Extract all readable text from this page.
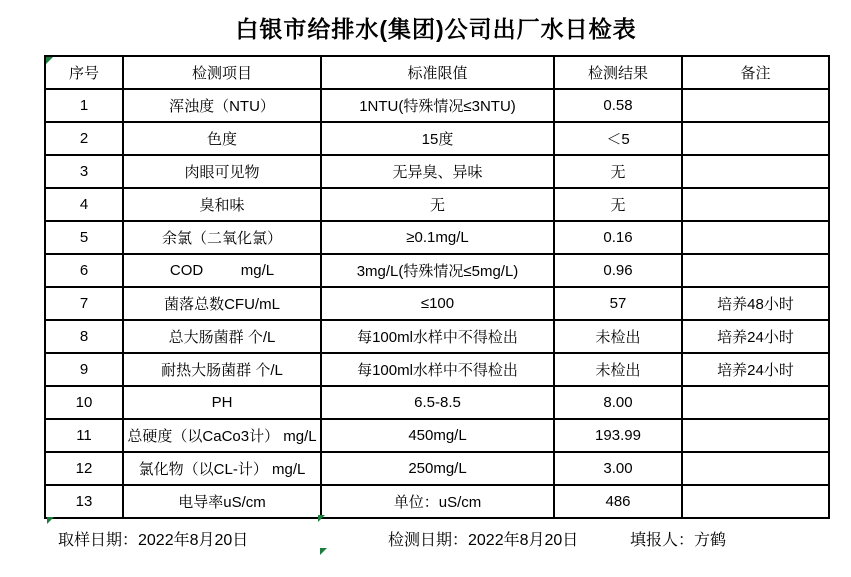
白银市给排水(集团)公司出厂水日检表
序号	检测项目	标准限值	检测结果	备注
1	浑浊度（NTU）	1NTU(特殊情况≤3NTU)	0.58	
2	色度	15度	＜5	
3	肉眼可见物	无异臭、异味	无	
4	臭和味	无	无	
5	余氯（二氧化氯）	≥0.1mg/L	0.16	
6	COD         mg/L	3mg/L(特殊情况≤5mg/L)	0.96	
7	菌落总数CFU/mL	≤100	57	培养48小时
8	总大肠菌群 个/L	每100ml水样中不得检出	未检出	培养24小时
9	耐热大肠菌群 个/L	每100ml水样中不得检出	未检出	培养24小时
10	PH	6.5-8.5	8.00	
11	总硬度（以CaCo3计） mg/L	450mg/L	193.99	
12	氯化物（以CL-计） mg/L	250mg/L	3.00	
13	电导率uS/cm	单位：uS/cm	486	
取样日期：2022年8月20日	检测日期：2022年8月20日	填报人：方鹤
